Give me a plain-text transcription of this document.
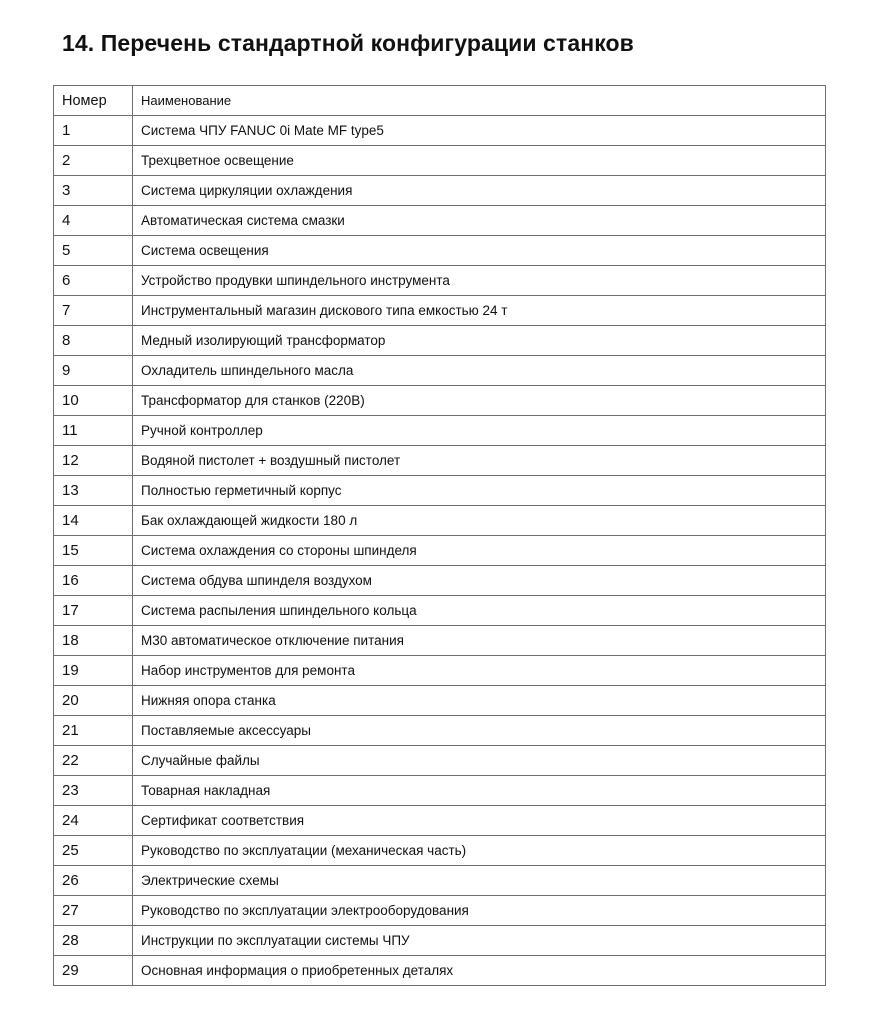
14. Перечень стандартной конфигурации станков
Номер	Наименование
1	Система ЧПУ FANUC 0i Mate MF type5
2	Трехцветное освещение
3	Система циркуляции охлаждения
4	Автоматическая система смазки
5	Система освещения
6	Устройство продувки шпиндельного инструмента
7	Инструментальный магазин дискового типа емкостью 24 т
8	Медный изолирующий трансформатор
9	Охладитель шпиндельного масла
10	Трансформатор для станков (220В)
11	Ручной контроллер
12	Водяной пистолет + воздушный пистолет
13	Полностью герметичный корпус
14	Бак охлаждающей жидкости 180 л
15	Система охлаждения со стороны шпинделя
16	Система обдува шпинделя воздухом
17	Система распыления шпиндельного кольца
18	М30 автоматическое отключение питания
19	Набор инструментов для ремонта
20	Нижняя опора станка
21	Поставляемые аксессуары
22	Случайные файлы
23	Товарная накладная
24	Сертификат соответствия
25	Руководство по эксплуатации (механическая часть)
26	Электрические схемы
27	Руководство по эксплуатации электрооборудования
28	Инструкции по эксплуатации системы ЧПУ
29	Основная информация о приобретенных деталях
